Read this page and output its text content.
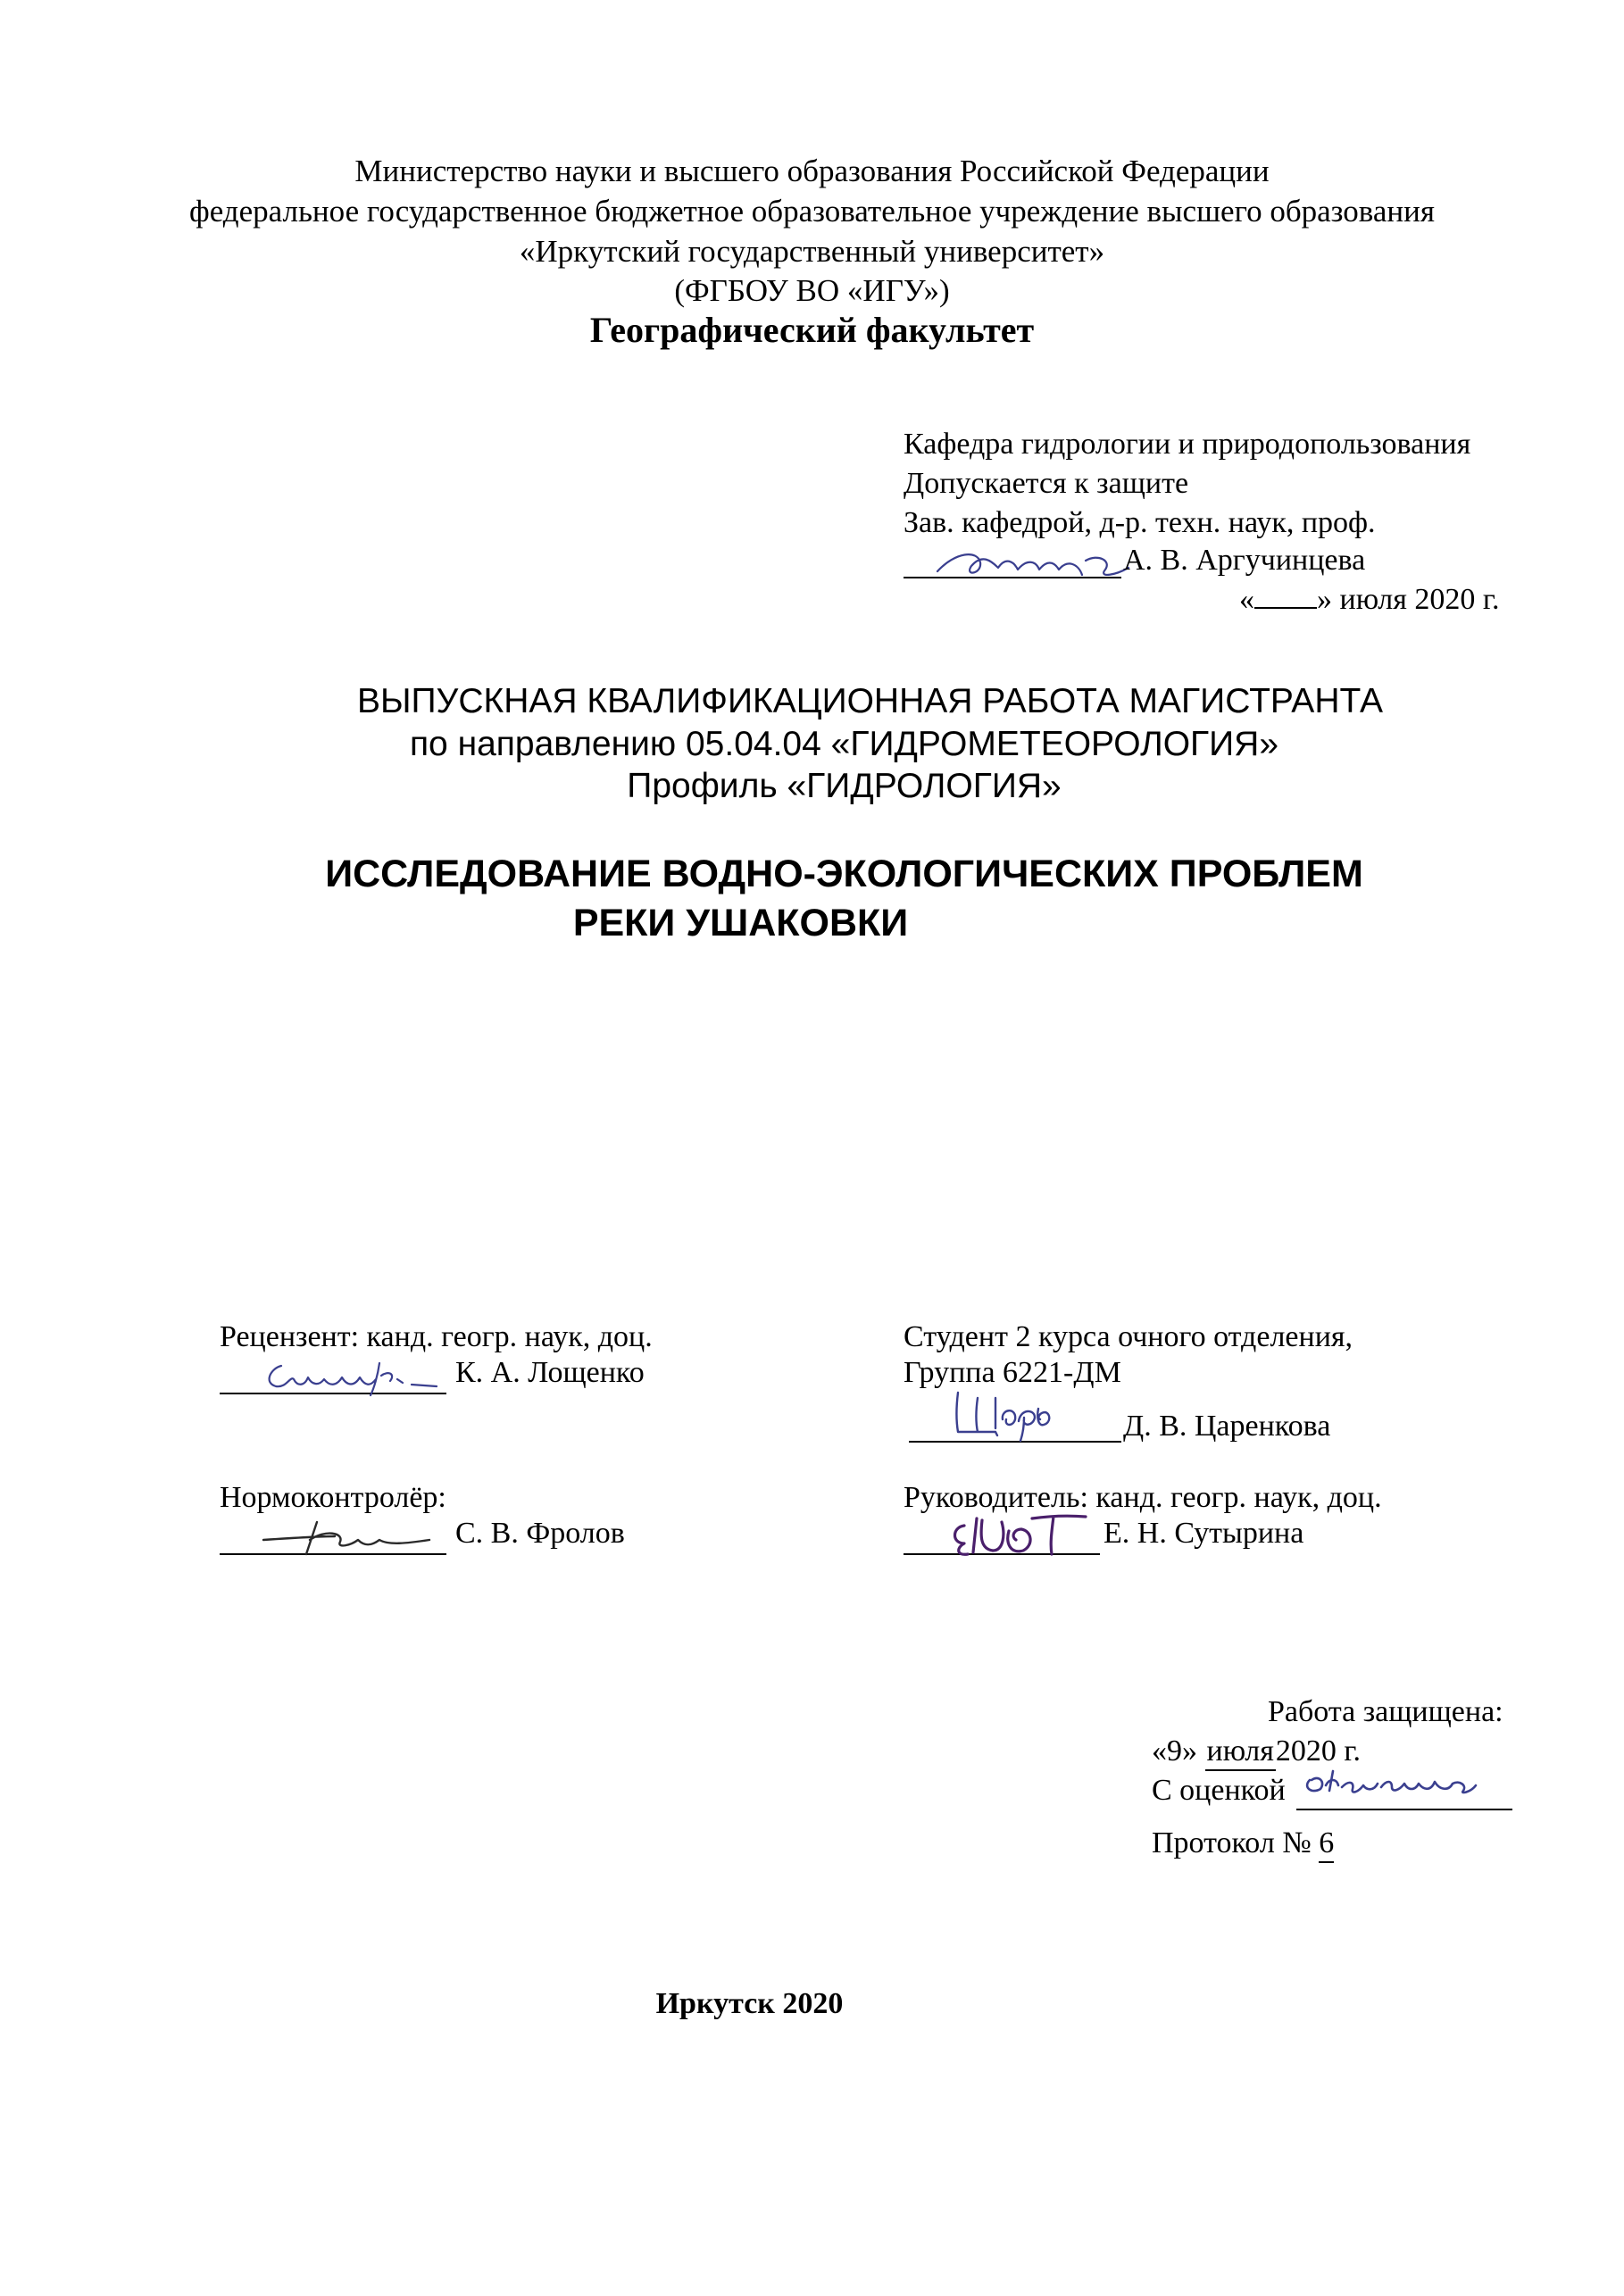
Министерство науки и высшего образования Российской Федерации
федеральное государственное бюджетное образовательное учреждение высшего образования
«Иркутский государственный университет»
(ФГБОУ ВО «ИГУ»)
Географический факультет
Кафедра гидрологии и природопользования
Допускается к защите
Зав. кафедрой, д-р. техн. наук, проф.
А. В. Аргучинцева
« » июля 2020 г.
ВЫПУСКНАЯ КВАЛИФИКАЦИОННАЯ РАБОТА МАГИСТРАНТА
по направлению 05.04.04 «ГИДРОМЕТЕОРОЛОГИЯ»
Профиль «ГИДРОЛОГИЯ»
ИССЛЕДОВАНИЕ ВОДНО-ЭКОЛОГИЧЕСКИХ ПРОБЛЕМ
РЕКИ УШАКОВКИ
Рецензент: канд. геогр. наук, доц.
К. А. Лощенко
Нормоконтролёр:
С. В. Фролов
Студент 2 курса очного отделения,
Группа 6221-ДМ
Д. В. Царенкова
Руководитель: канд. геогр. наук, доц.
Е. Н. Сутырина
Работа защищена:
«9» июля2020 г.
С оценкой
Протокол № 6
Иркутск 2020
